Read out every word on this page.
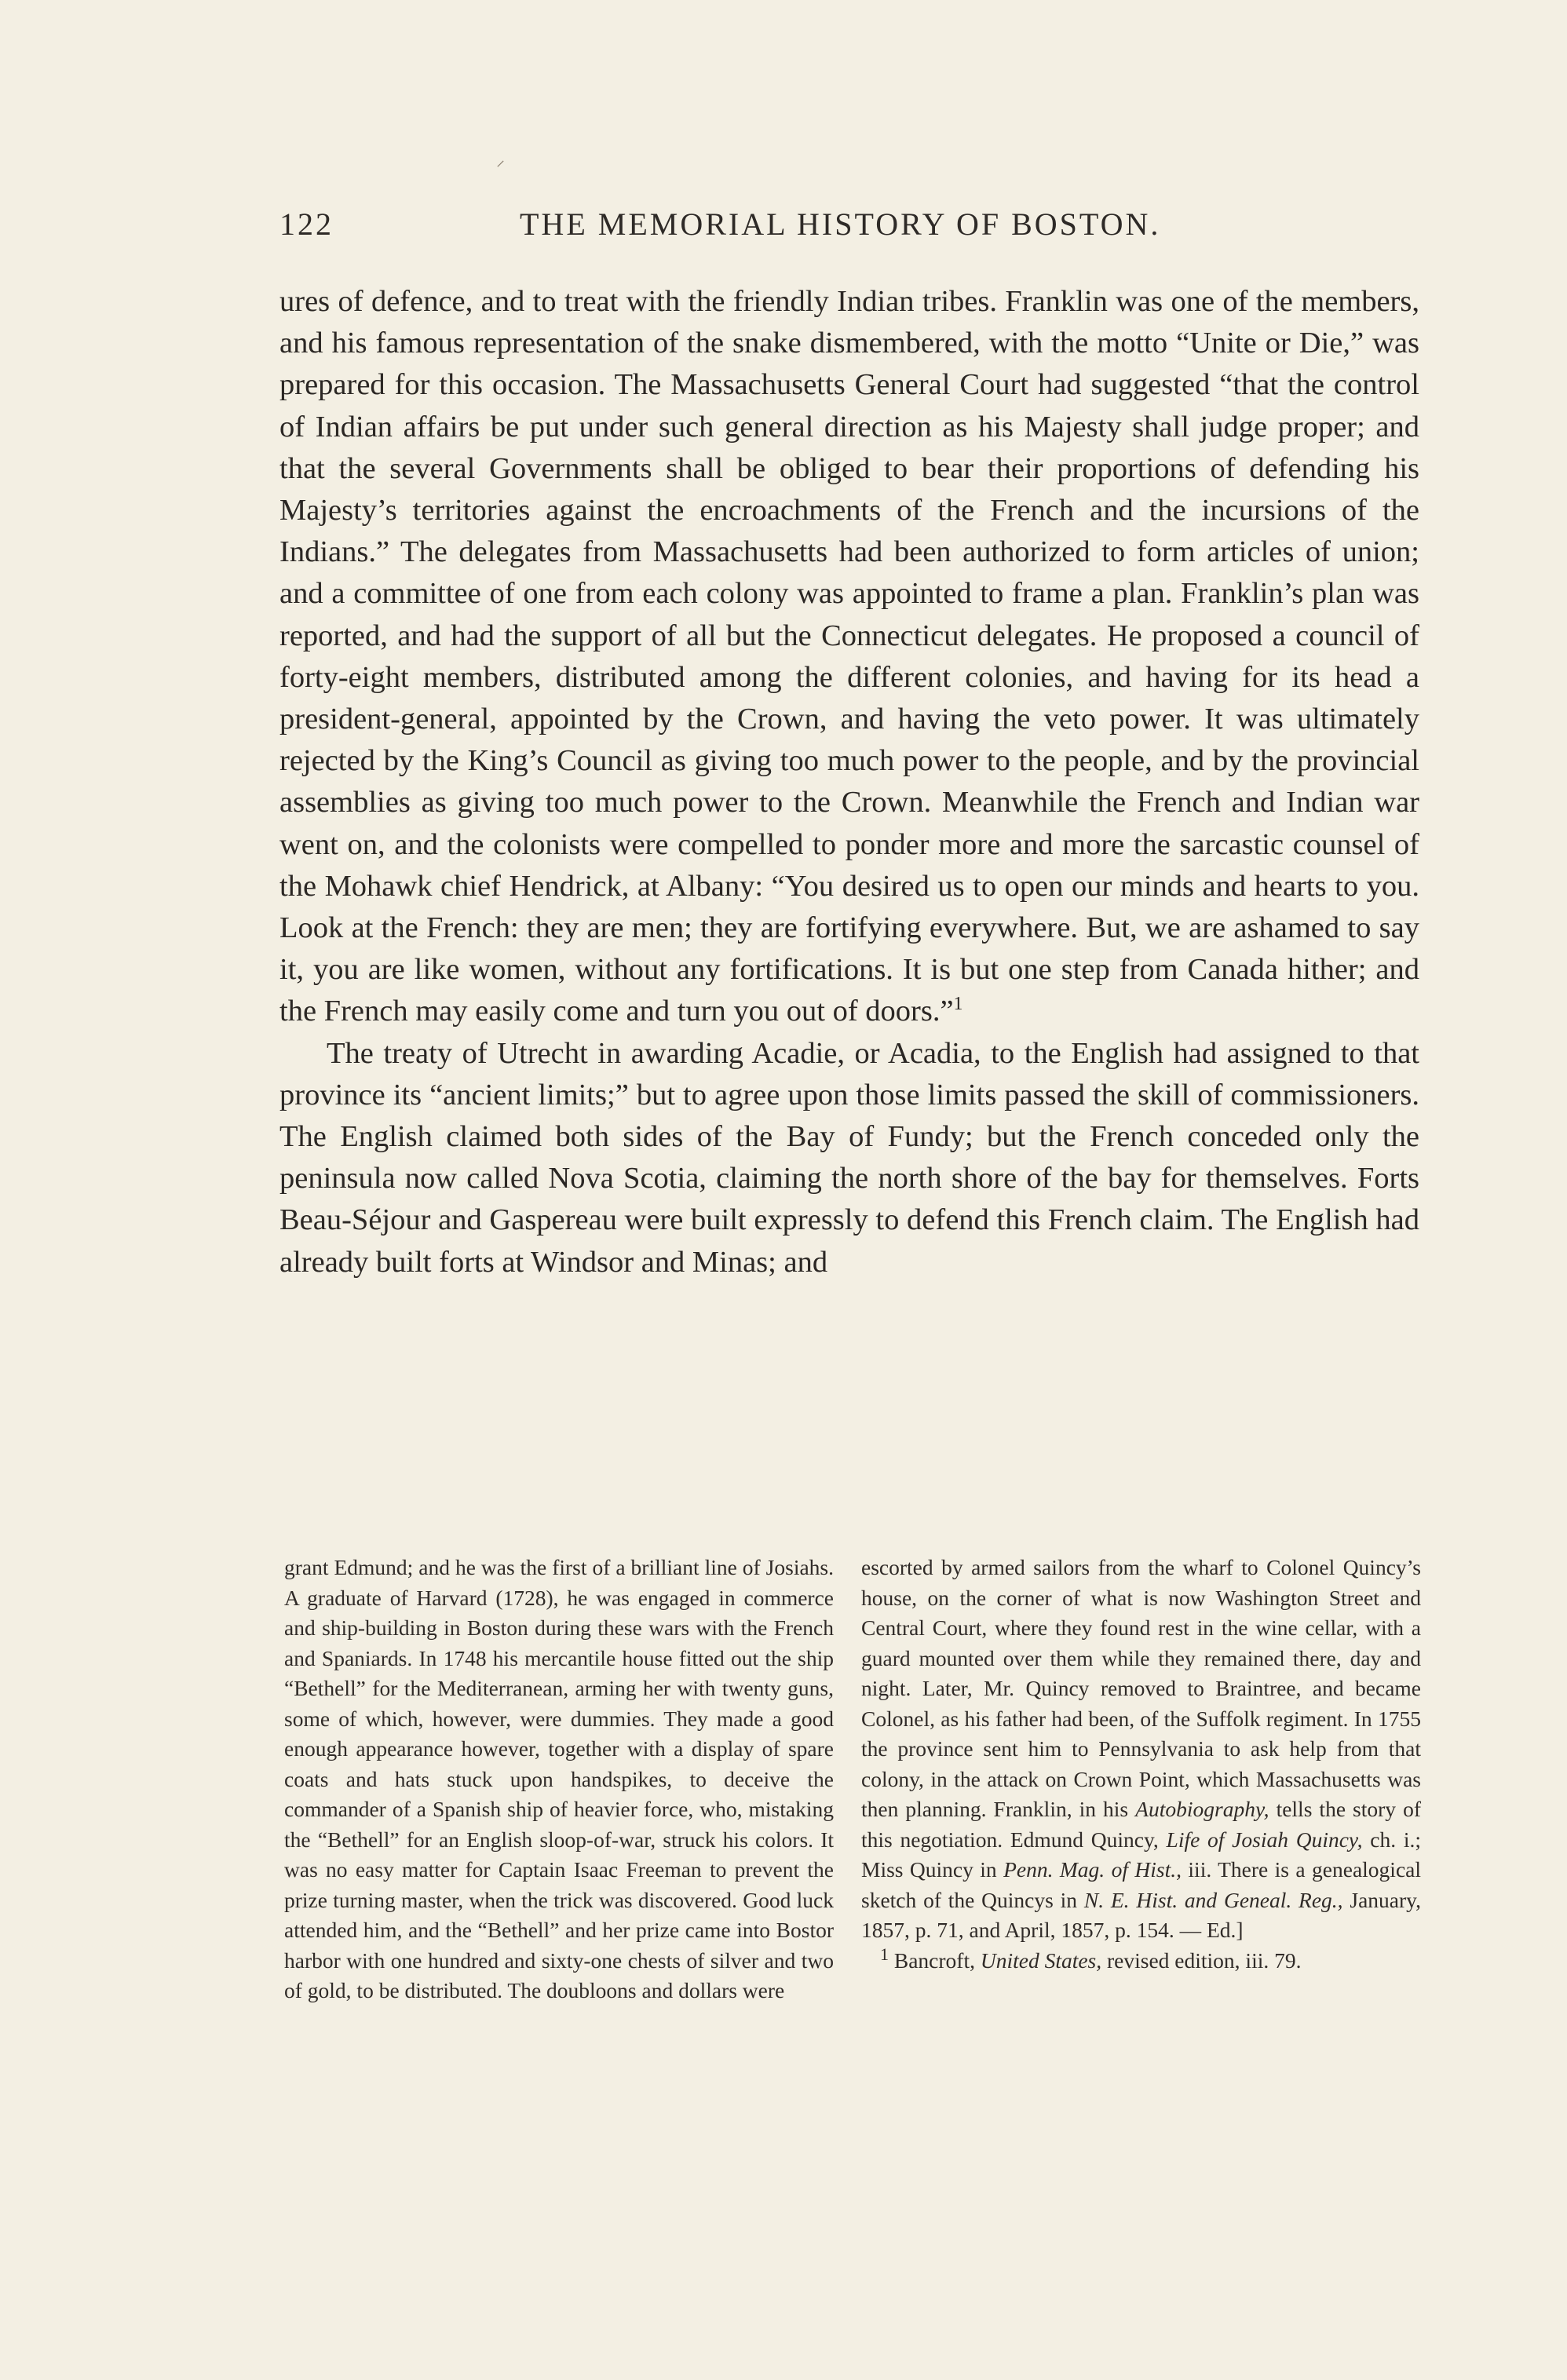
⸝
122	THE MEMORIAL HISTORY OF BOSTON.

ures of defence, and to treat with the friendly Indian tribes. Franklin was one of the members, and his famous representation of the snake dismembered, with the motto “Unite or Die,” was prepared for this occasion. The Massachusetts General Court had suggested “that the control of Indian affairs be put under such general direction as his Majesty shall judge proper; and that the several Governments shall be obliged to bear their proportions of defending his Majesty’s territories against the encroachments of the French and the incursions of the Indians.” The delegates from Massachusetts had been authorized to form articles of union; and a committee of one from each colony was appointed to frame a plan. Franklin’s plan was reported, and had the support of all but the Connecticut delegates. He proposed a council of forty-eight members, distributed among the different colonies, and having for its head a president-general, appointed by the Crown, and having the veto power. It was ultimately rejected by the King’s Council as giving too much power to the people, and by the provincial assemblies as giving too much power to the Crown. Meanwhile the French and Indian war went on, and the colonists were compelled to ponder more and more the sarcastic counsel of the Mohawk chief Hendrick, at Albany: “You desired us to open our minds and hearts to you. Look at the French: they are men; they are fortifying everywhere. But, we are ashamed to say it, you are like women, without any fortifications. It is but one step from Canada hither; and the French may easily come and turn you out of doors.”$^1$

The treaty of Utrecht in awarding Acadie, or Acadia, to the English had assigned to that province its “ancient limits;” but to agree upon those limits passed the skill of commissioners. The English claimed both sides of the Bay of Fundy; but the French conceded only the peninsula now called Nova Scotia, claiming the north shore of the bay for themselves. Forts Beau-Séjour and Gaspereau were built expressly to defend this French claim. The English had already built forts at Windsor and Minas; and

grant Edmund; and he was the first of a brilliant line of Josiahs. A graduate of Harvard (1728), he was engaged in commerce and ship-building in Boston during these wars with the French and Spaniards. In 1748 his mercantile house fitted out the ship “Bethell” for the Mediterranean, arming her with twenty guns, some of which, however, were dummies. They made a good enough appearance however, together with a display of spare coats and hats stuck upon handspikes, to deceive the commander of a Spanish ship of heavier force, who, mistaking the “Bethell” for an English sloop-of-war, struck his colors. It was no easy matter for Captain Isaac Freeman to prevent the prize turning master, when the trick was discovered. Good luck attended him, and the “Bethell” and her prize came into Bostor harbor with one hundred and sixty-one chests of silver and two of gold, to be distributed. The doubloons and dollars were

escorted by armed sailors from the wharf to Colonel Quincy’s house, on the corner of what is now Washington Street and Central Court, where they found rest in the wine cellar, with a guard mounted over them while they remained there, day and night. Later, Mr. Quincy removed to Braintree, and became Colonel, as his father had been, of the Suffolk regiment. In 1755 the province sent him to Pennsylvania to ask help from that colony, in the attack on Crown Point, which Massachusetts was then planning. Franklin, in his Autobiography, tells the story of this negotiation. Edmund Quincy, Life of Josiah Quincy, ch. i.; Miss Quincy in Penn. Mag. of Hist., iii. There is a genealogical sketch of the Quincys in N. E. Hist. and Geneal. Reg., January, 1857, p. 71, and April, 1857, p. 154. — Ed.]

$^1$ Bancroft, United States, revised edition, iii. 79.
